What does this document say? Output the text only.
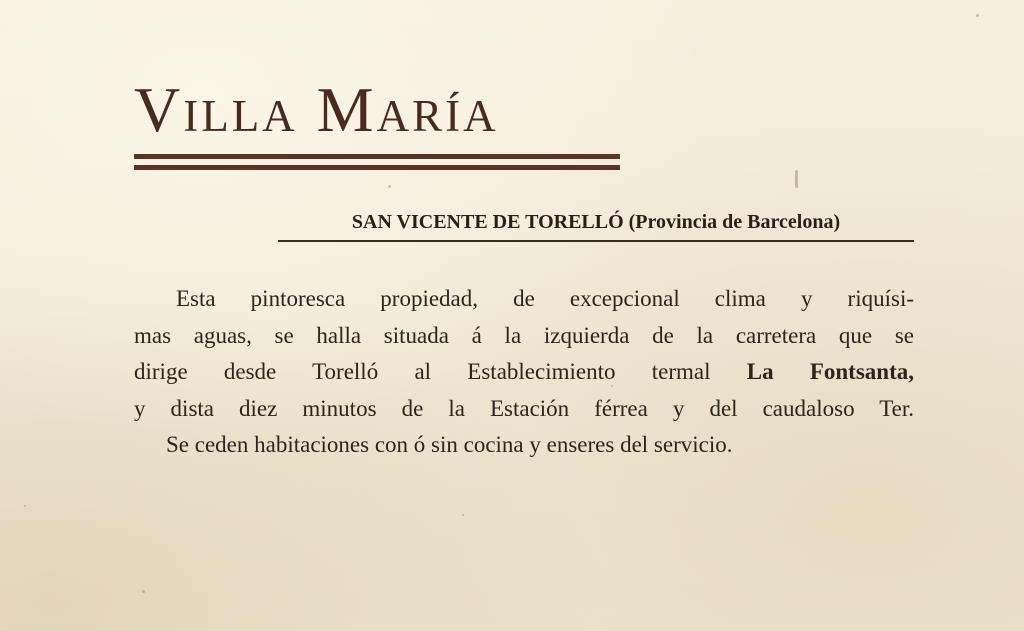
Villa María
SAN VICENTE DE TORELLÓ (Provincia de Barcelona)
Esta pintoresca propiedad, de excepcional clima y riquísi-
mas aguas, se halla situada á la izquierda de la carretera que se
dirige desde Torelló al Establecimiento termal La Fontsanta,
y dista diez minutos de la Estación férrea y del caudaloso Ter.
Se ceden habitaciones con ó sin cocina y enseres del servicio.
